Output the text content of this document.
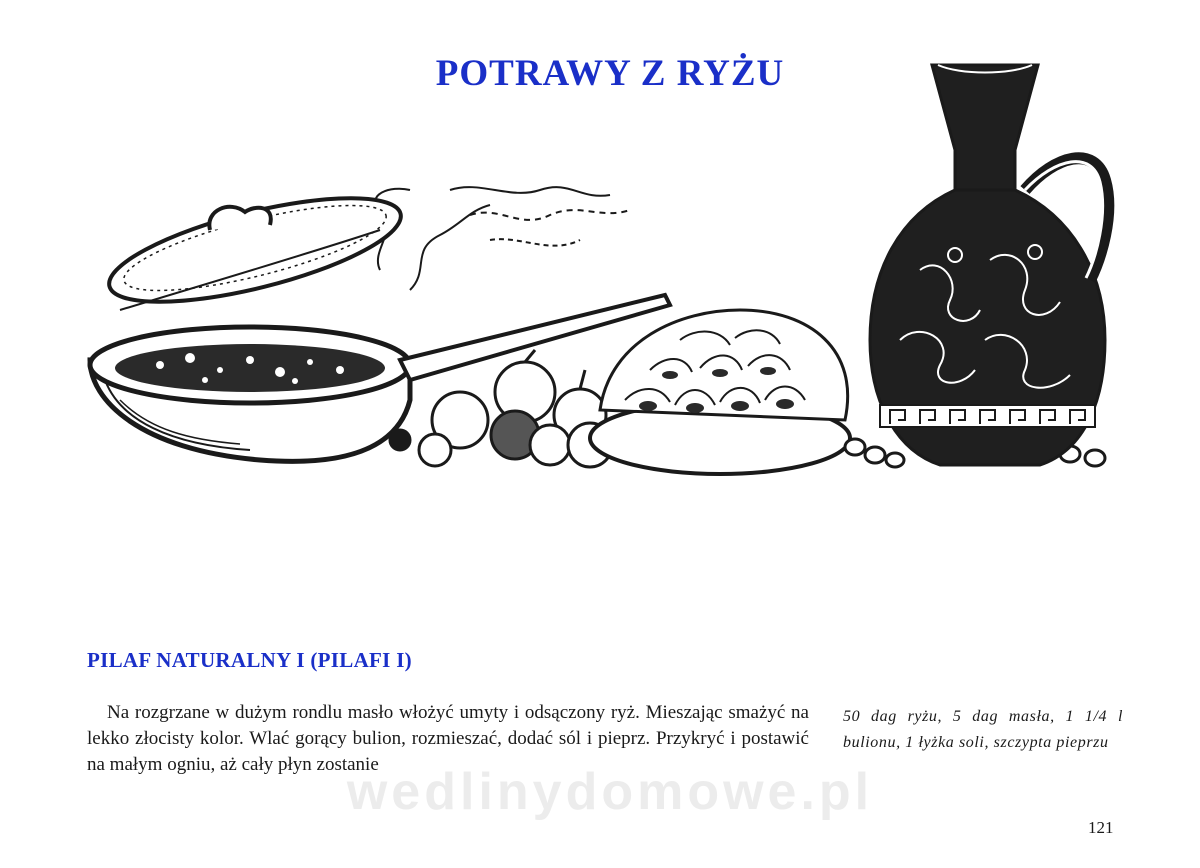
POTRAWY Z RYŻU
PILAF NATURALNY I (PILAFI I)
Na rozgrzane w dużym rondlu masło włożyć umyty i odsączony ryż. Mieszając smażyć na lekko złocisty kolor. Wlać gorący bulion, rozmieszać, dodać sól i pieprz. Przykryć i postawić na małym ogniu, aż cały płyn zostanie
50 dag ryżu, 5 dag masła, 1 1/4 l bulionu, 1 łyżka soli, szczypta pieprzu
wedlinydomowe.pl
121
